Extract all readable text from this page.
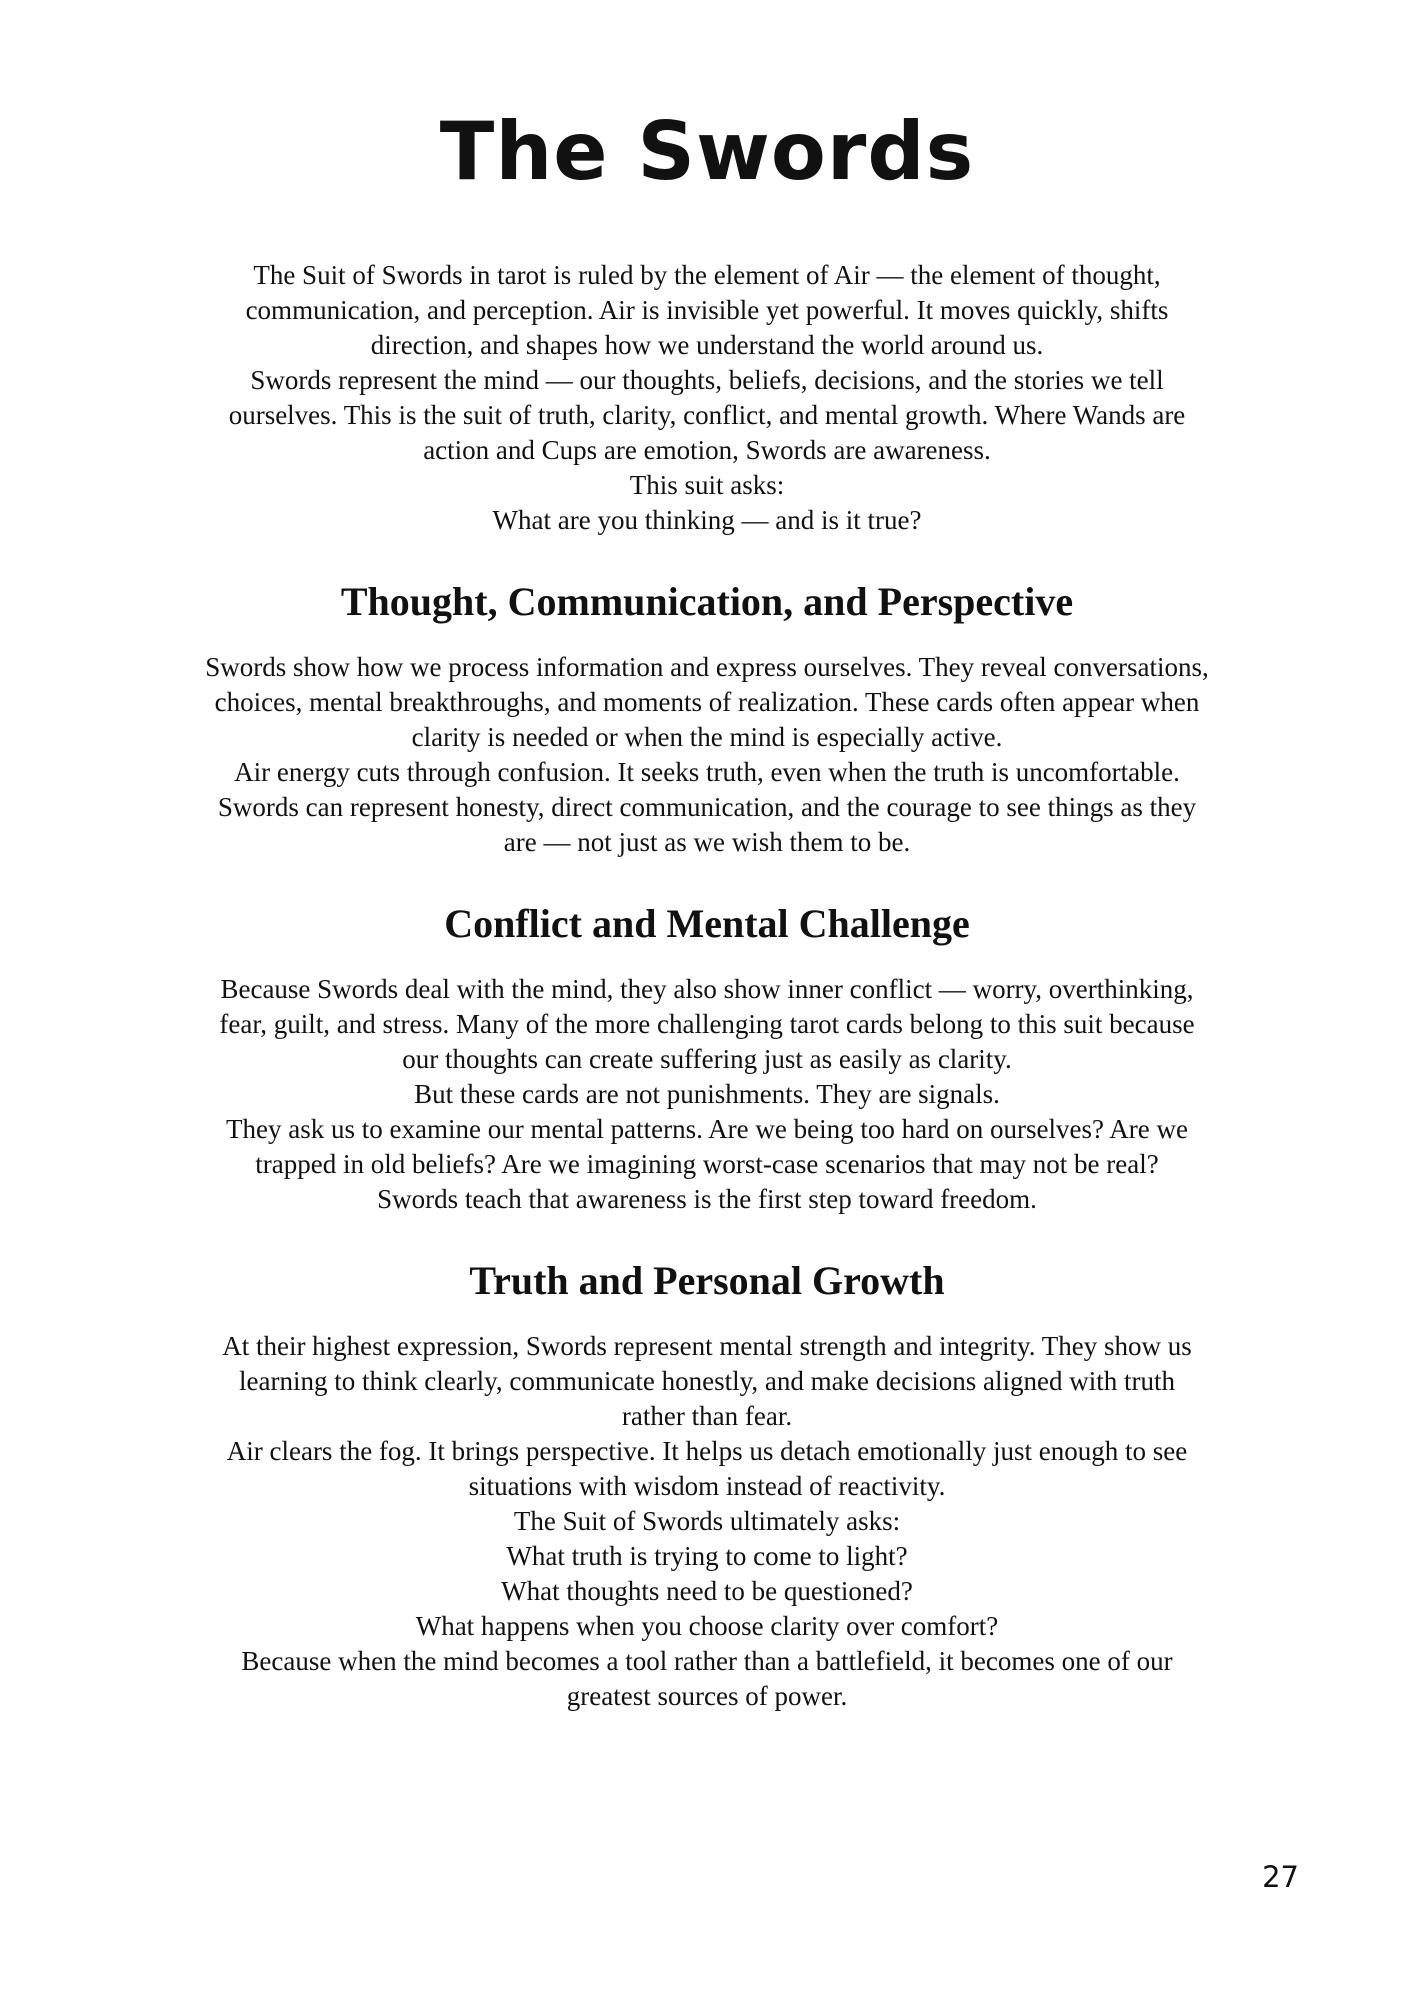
The Swords
The Suit of Swords in tarot is ruled by the element of Air — the element of thought,
communication, and perception. Air is invisible yet powerful. It moves quickly, shifts
direction, and shapes how we understand the world around us.
Swords represent the mind — our thoughts, beliefs, decisions, and the stories we tell
ourselves. This is the suit of truth, clarity, conflict, and mental growth. Where Wands are
action and Cups are emotion, Swords are awareness.
This suit asks:
What are you thinking — and is it true?
Thought, Communication, and Perspective
Swords show how we process information and express ourselves. They reveal conversations,
choices, mental breakthroughs, and moments of realization. These cards often appear when
clarity is needed or when the mind is especially active.
Air energy cuts through confusion. It seeks truth, even when the truth is uncomfortable.
Swords can represent honesty, direct communication, and the courage to see things as they
are — not just as we wish them to be.
Conflict and Mental Challenge
Because Swords deal with the mind, they also show inner conflict — worry, overthinking,
fear, guilt, and stress. Many of the more challenging tarot cards belong to this suit because
our thoughts can create suffering just as easily as clarity.
But these cards are not punishments. They are signals.
They ask us to examine our mental patterns. Are we being too hard on ourselves? Are we
trapped in old beliefs? Are we imagining worst-case scenarios that may not be real?
Swords teach that awareness is the first step toward freedom.
Truth and Personal Growth
At their highest expression, Swords represent mental strength and integrity. They show us
learning to think clearly, communicate honestly, and make decisions aligned with truth
rather than fear.
Air clears the fog. It brings perspective. It helps us detach emotionally just enough to see
situations with wisdom instead of reactivity.
The Suit of Swords ultimately asks:
What truth is trying to come to light?
What thoughts need to be questioned?
What happens when you choose clarity over comfort?
Because when the mind becomes a tool rather than a battlefield, it becomes one of our
greatest sources of power.
27
